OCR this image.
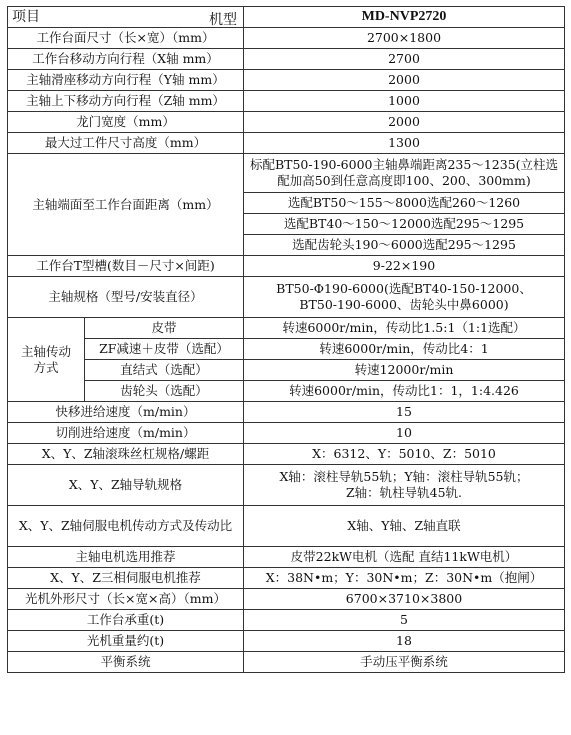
项目 机型		MD-NVP2720
工作台面尺寸（长×宽）（mm）		2700×1800
工作台移动方向行程（X轴 mm）		2700
主轴滑座移动方向行程（Y轴 mm）		2000
主轴上下移动方向行程（Z轴 mm）		1000
龙门宽度（mm）		2000
最大过工件尺寸高度（mm）		1300
主轴端面至工作台面距离（mm）		标配BT50-190-6000主轴鼻端距离235～1235(立柱选配加高50到任意高度即100、200、300mm)
		选配BT50～155～8000选配260～1260
		选配BT40～150～12000选配295～1295
		选配齿轮头190～6000选配295～1295
工作台T型槽(数目－尺寸×间距)		9-22×190
主轴规格（型号/安装直径）		BT50-Φ190-6000(选配BT40-150-12000、
BT50-190-6000、齿轮头中鼻6000)

主轴传动
方式	皮带	转速6000r/min，传动比1.5:1（1:1选配）
	ZF减速＋皮带（选配）	转速6000r/min，传动比4：1
	直结式（选配）	转速12000r/min
	齿轮头（选配）	转速6000r/min，传动比1：1，1:4.426
快移进给速度（m/min）		15
切削进给速度（m/min）		10
X、Y、Z轴滚珠丝杠规格/螺距		X：6312、Y：5010、Z：5010
X、Y、Z轴导轨规格		X轴：滚柱导轨55轨；Y轴：滚柱导轨55轨；
Z轴：轨柱导轨45轨.

X、Y、Z轴伺服电机传动方式及传动比		X轴、Y轴、Z轴直联
主轴电机选用推荐		皮带22kW电机（选配 直结11kW电机）
X、Y、Z三相伺服电机推荐		X：38N•m；Y：30N•m；Z：30N•m（抱闸）
光机外形尺寸（长×宽×高）（mm）		6700×3710×3800
工作台承重(t)		5
光机重量约(t)		18
平衡系统		手动压平衡系统
